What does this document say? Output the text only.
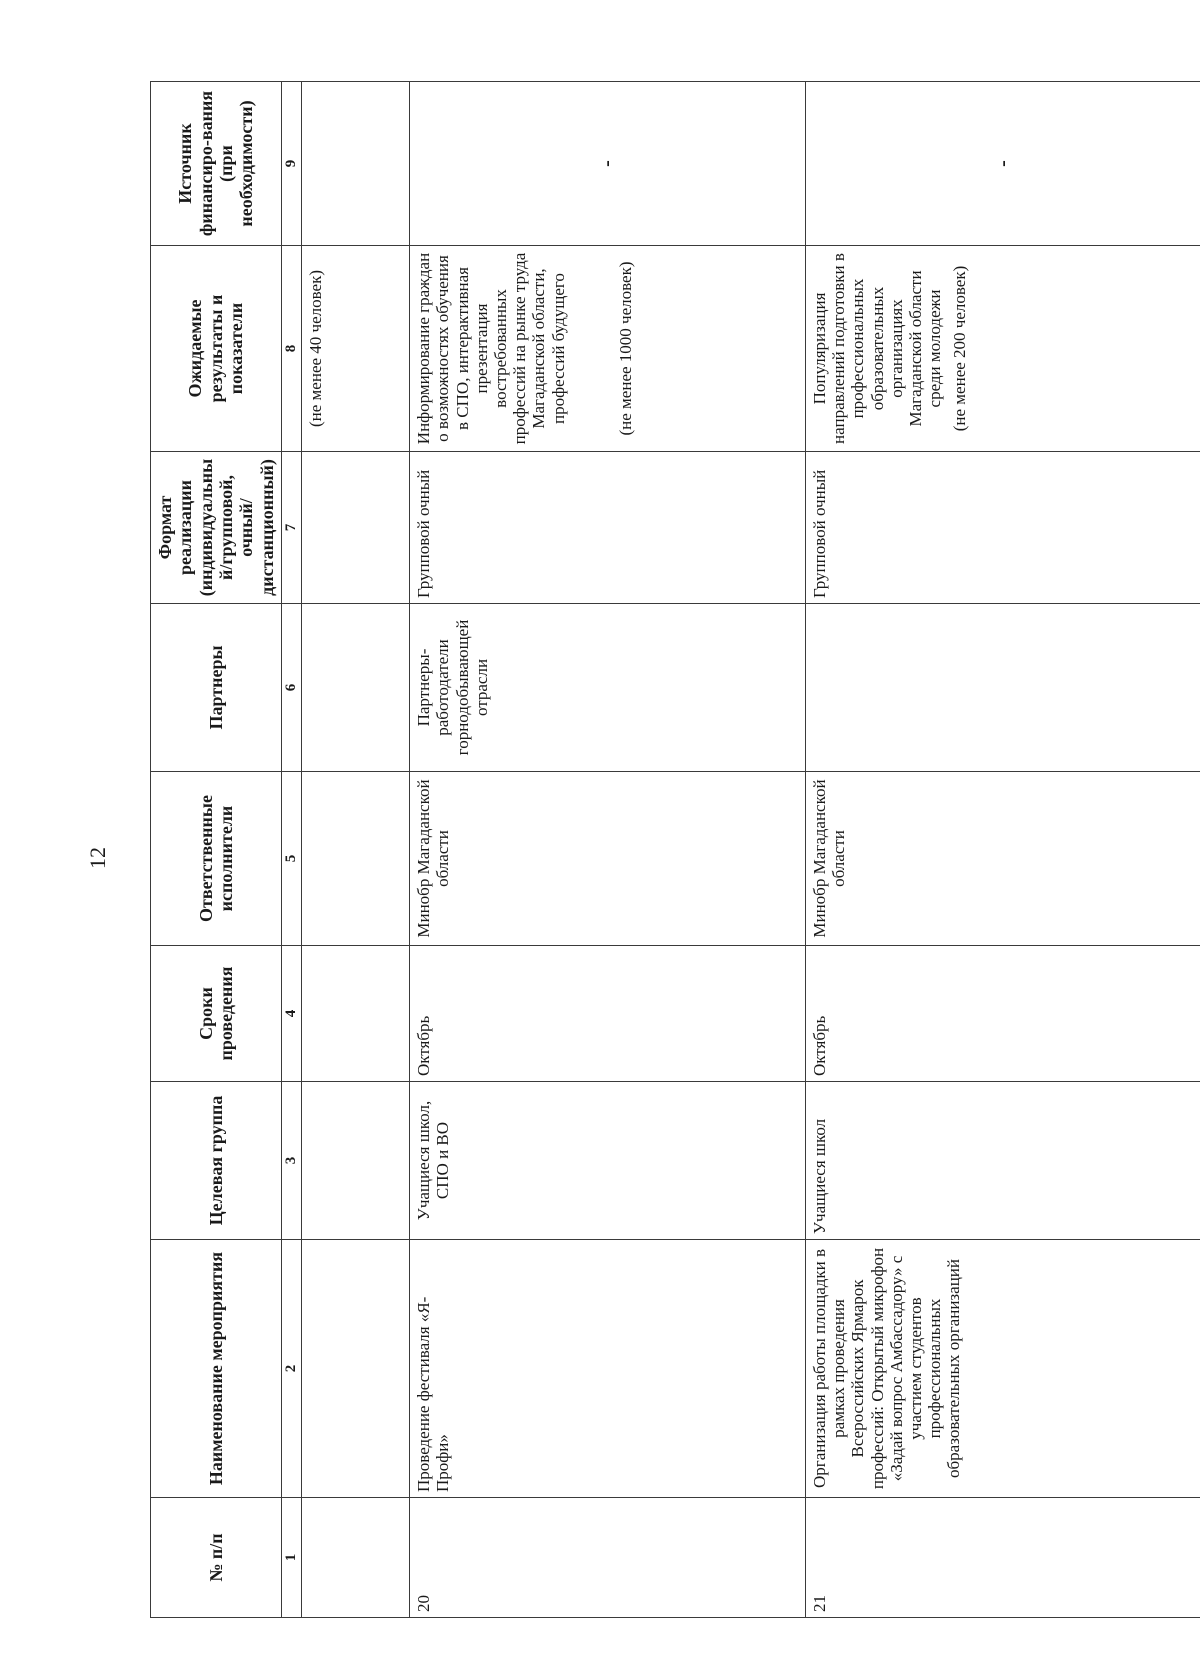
12
№ п/п	Наименование мероприятия	Целевая группа	Сроки проведения	Ответственные исполнители	Партнеры	Формат реализации (индивидуальный/групповой, очный/дистанционный)	Ожидаемые результаты и показатели	Источник финансиро-вания (при необходимости)
1	2	3	4	5	6	7	8	9
							(не менее 40 человек)	
20	Проведение фестиваля «Я-Профи»	Учащиеся школ, СПО и ВО	Октябрь	Минобр Магаданской области	Партнеры-работодатели горнодобывающей отрасли	Групповой очный	Информирование граждан о возможностях обучения в СПО, интерактивная презентация востребованных профессий на рынке труда Магаданской области, профессий будущего (не менее 1000 человек)	-
21	Организация работы площадки в рамках проведения Всероссийских Ярмарок профессий: Открытый микрофон «Задай вопрос Амбассадору» с участием студентов профессиональных образовательных организаций	Учащиеся школ	Октябрь	Минобр Магаданской области		Групповой очный	Популяризация направлений подготовки в профессиональных образовательных организациях Магаданской области среди молодежи (не менее 200 человек)	-
